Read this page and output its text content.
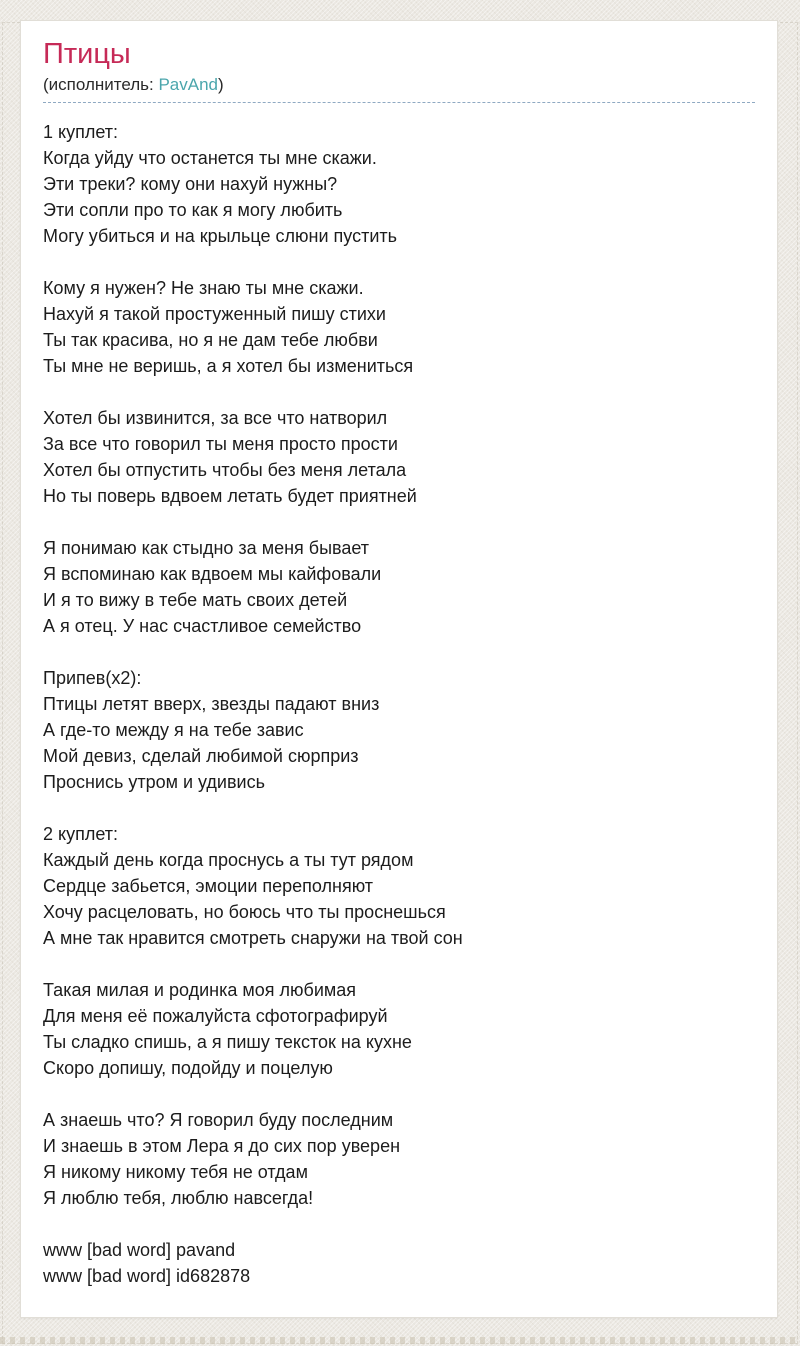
Птицы
(исполнитель: PavAnd)
1 куплет:
Когда уйду что останется ты мне скажи.
Эти треки? кому они нахуй нужны?
Эти сопли про то как я могу любить
Могу убиться и на крыльце слюни пустить
Кому я нужен? Не знаю ты мне скажи.
Нахуй я такой простуженный пишу стихи
Ты так красива, но я не дам тебе любви
Ты мне не веришь, а я хотел бы измениться
Хотел бы извинится, за все что натворил
За все что говорил ты меня просто прости
Хотел бы отпустить чтобы без меня летала
Но ты поверь вдвоем летать будет приятней
Я понимаю как стыдно за меня бывает
Я вспоминаю как вдвоем мы кайфовали
И я то вижу в тебе мать своих детей
А я отец. У нас счастливое семейство
Припев(x2):
Птицы летят вверх, звезды падают вниз
А где-то между я на тебе завис
Мой девиз, сделай любимой сюрприз
Проснись утром и удивись
2 куплет:
Каждый день когда проснусь а ты тут рядом
Сердце забьется, эмоции переполняют
Хочу расцеловать, но боюсь что ты проснешься
А мне так нравится смотреть снаружи на твой сон
Такая милая и родинка моя любимая
Для меня её пожалуйста сфотографируй
Ты сладко спишь, а я пишу тексток на кухне
Скоро допишу, подойду и поцелую
А знаешь что? Я говорил буду последним
И знаешь в этом Лера я до сих пор уверен
Я никому никому тебя не отдам
Я люблю тебя, люблю навсегда!
www [bad word] pavand
www [bad word] id682878
